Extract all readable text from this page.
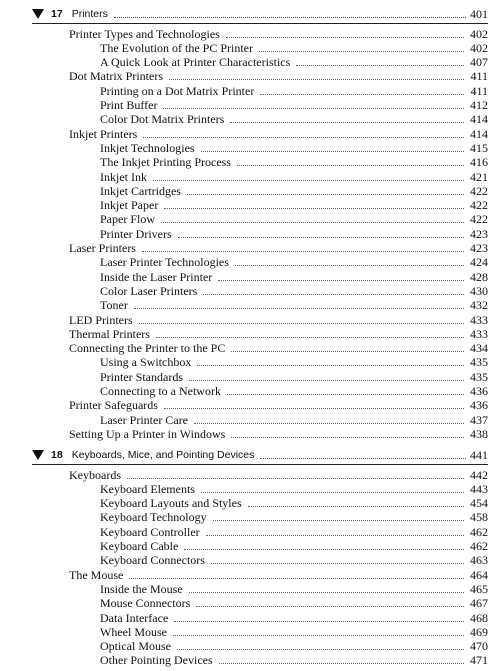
17 Printers	401
Printer Types and Technologies	402
The Evolution of the PC Printer	402
A Quick Look at Printer Characteristics	407
Dot Matrix Printers	411
Printing on a Dot Matrix Printer	411
Print Buffer	412
Color Dot Matrix Printers	414
Inkjet Printers	414
Inkjet Technologies	415
The Inkjet Printing Process	416
Inkjet Ink	421
Inkjet Cartridges	422
Inkjet Paper	422
Paper Flow	422
Printer Drivers	423
Laser Printers	423
Laser Printer Technologies	424
Inside the Laser Printer	428
Color Laser Printers	430
Toner	432
LED Printers	433
Thermal Printers	433
Connecting the Printer to the PC	434
Using a Switchbox	435
Printer Standards	435
Connecting to a Network	436
Printer Safeguards	436
Laser Printer Care	437
Setting Up a Printer in Windows	438
18 Keyboards, Mice, and Pointing Devices	441
Keyboards	442
Keyboard Elements	443
Keyboard Layouts and Styles	454
Keyboard Technology	458
Keyboard Controller	462
Keyboard Cable	462
Keyboard Connectors	463
The Mouse	464
Inside the Mouse	465
Mouse Connectors	467
Data Interface	468
Wheel Mouse	469
Optical Mouse	470
Other Pointing Devices	471
